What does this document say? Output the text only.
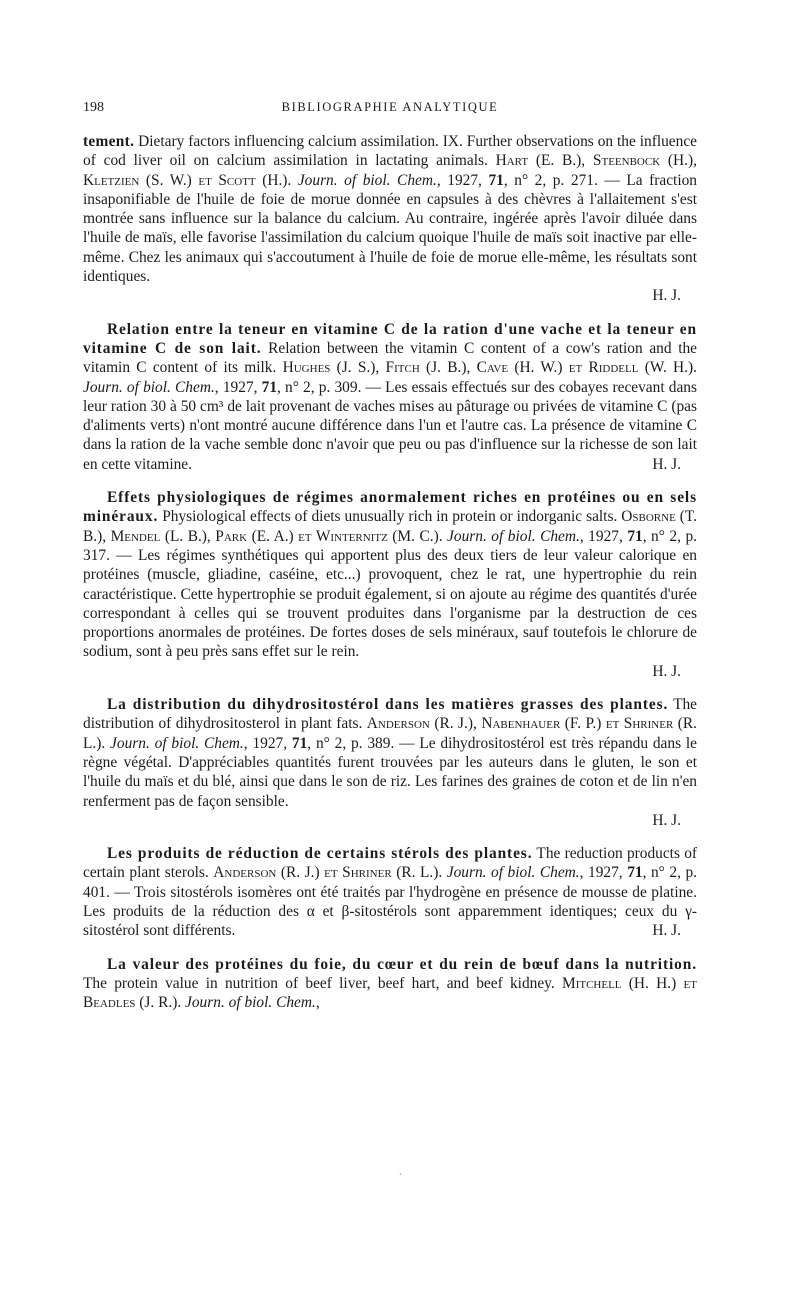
198	BIBLIOGRAPHIE ANALYTIQUE

tement. Dietary factors influencing calcium assimilation. IX. Further observations on the influence of cod liver oil on calcium assimilation in lactating animals. Hart (E. B.), Steenbock (H.), Kletzien (S. W.) et Scott (H.). Journ. of biol. Chem., 1927, 71, n° 2, p. 271. — La fraction insaponifiable de l'huile de foie de morue donnée en capsules à des chèvres à l'allaitement s'est montrée sans influence sur la balance du calcium. Au contraire, ingérée après l'avoir diluée dans l'huile de maïs, elle favorise l'assimilation du calcium quoique l'huile de maïs soit inactive par elle-même. Chez les animaux qui s'accoutument à l'huile de foie de morue elle-même, les résultats sont identiques.

H. J.

Relation entre la teneur en vitamine C de la ration d'une vache et la teneur en vitamine C de son lait. Relation between the vitamin C content of a cow's ration and the vitamin C content of its milk. Hughes (J. S.), Fitch (J. B.), Cave (H. W.) et Riddell (W. H.). Journ. of biol. Chem., 1927, 71, n° 2, p. 309. — Les essais effectués sur des cobayes recevant dans leur ration 30 à 50 cm³ de lait provenant de vaches mises au pâturage ou privées de vitamine C (pas d'aliments verts) n'ont montré aucune différence dans l'un et l'autre cas. La présence de vitamine C dans la ration de la vache semble donc n'avoir que peu ou pas d'influence sur la richesse de son lait en cette vitamine.	H. J.

Effets physiologiques de régimes anormalement riches en protéines ou en sels minéraux. Physiological effects of diets unusually rich in protein or indorganic salts. Osborne (T. B.), Mendel (L. B.), Park (E. A.) et Winternitz (M. C.). Journ. of biol. Chem., 1927, 71, n° 2, p. 317. — Les régimes synthétiques qui apportent plus des deux tiers de leur valeur calorique en protéines (muscle, gliadine, caséine, etc...) provoquent, chez le rat, une hypertrophie du rein caractéristique. Cette hypertrophie se produit également, si on ajoute au régime des quantités d'urée correspondant à celles qui se trouvent produites dans l'organisme par la destruction de ces proportions anormales de protéines. De fortes doses de sels minéraux, sauf toutefois le chlorure de sodium, sont à peu près sans effet sur le rein.

H. J.

La distribution du dihydrositostérol dans les matières grasses des plantes. The distribution of dihydrositosterol in plant fats. Anderson (R. J.), Nabenhauer (F. P.) et Shriner (R. L.). Journ. of biol. Chem., 1927, 71, n° 2, p. 389. — Le dihydrositostérol est très répandu dans le règne végétal. D'appréciables quantités furent trouvées par les auteurs dans le gluten, le son et l'huile du maïs et du blé, ainsi que dans le son de riz. Les farines des graines de coton et de lin n'en renferment pas de façon sensible.

H. J.

Les produits de réduction de certains stérols des plantes. The reduction products of certain plant sterols. Anderson (R. J.) et Shriner (R. L.). Journ. of biol. Chem., 1927, 71, n° 2, p. 401. — Trois sitostérols isomères ont été traités par l'hydrogène en présence de mousse de platine. Les produits de la réduction des α et β-sitostérols sont apparemment identiques; ceux du γ-sitostérol sont différents.	H. J.

La valeur des protéines du foie, du cœur et du rein de bœuf dans la nutrition. The protein value in nutrition of beef liver, beef hart, and beef kidney. Mitchell (H. H.) et Beadles (J. R.). Journ. of biol. Chem.,

˯
